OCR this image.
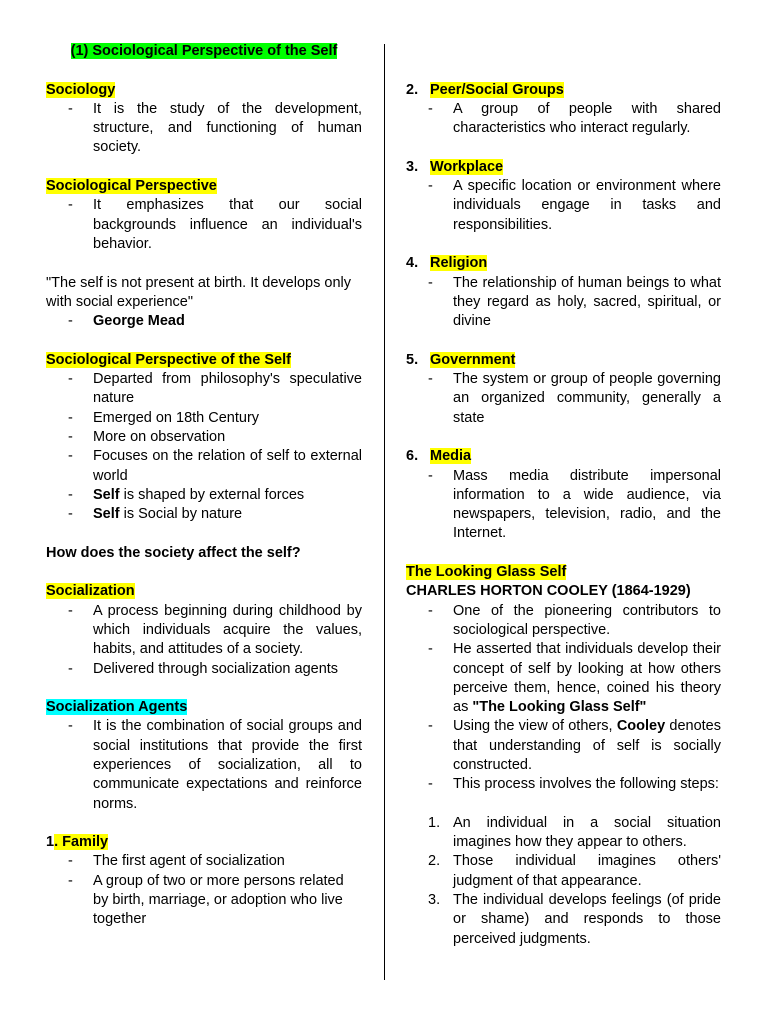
(1) Sociological Perspective of the Self

Sociology

- It is the study of the development, structure, and functioning of human society.

Sociological Perspective

- It emphasizes that our social backgrounds influence an individual's behavior.

"The self is not present at birth. It develops only with social experience"

- George Mead

Sociological Perspective of the Self

- Departed from philosophy's speculative nature
- Emerged on 18th Century
- More on observation
- Focuses on the relation of self to external world
- Self is shaped by external forces
- Self is Social by nature

How does the society affect the self?

Socialization

- A process beginning during childhood by which individuals acquire the values, habits, and attitudes of a society.
- Delivered through socialization agents

Socialization Agents

- It is the combination of social groups and social institutions that provide the first experiences of socialization, all to communicate expectations and reinforce norms.

1. Family

- The first agent of socialization
- A group of two or more persons related by birth, marriage, or adoption who live together

2. Peer/Social Groups

- A group of people with shared characteristics who interact regularly.

3. Workplace

- A specific location or environment where individuals engage in tasks and responsibilities.

4. Religion

- The relationship of human beings to what they regard as holy, sacred, spiritual, or divine

5. Government

- The system or group of people governing an organized community, generally a state

6. Media

- Mass media distribute impersonal information to a wide audience, via newspapers, television, radio, and the Internet.

The Looking Glass Self

CHARLES HORTON COOLEY (1864-1929)

- One of the pioneering contributors to sociological perspective.
- He asserted that individuals develop their concept of self by looking at how others perceive them, hence, coined his theory as "The Looking Glass Self"
- Using the view of others, Cooley denotes that understanding of self is socially constructed.
- This process involves the following steps:
1. An individual in a social situation imagines how they appear to others.
2. Those individual imagines others' judgment of that appearance.
3. The individual develops feelings (of pride or shame) and responds to those perceived judgments.
